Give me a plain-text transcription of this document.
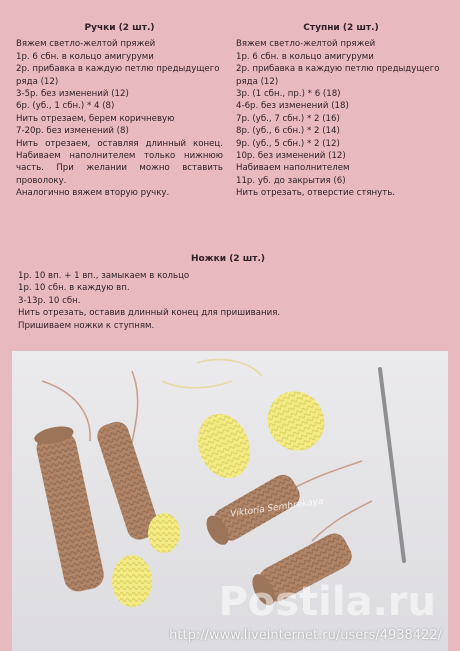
Ручки (2 шт.)
Вяжем светло-желтой пряжей
1р. 6 сбн. в кольцо амигуруми
2р. прибавка в каждую петлю предыдущего ряда (12)
3-5р. без изменений (12)
6р. (уб., 1 сбн.) * 4 (8)
Нить отрезаем, берем коричневую
7-20р. без изменений (8)
Нить отрезаем, оставляя длинный конец. Набиваем наполнителем только нижнюю часть. При желании можно вставить проволоку.
Аналогично вяжем вторую ручку.
Ступни (2 шт.)
Вяжем светло-желтой пряжей
1р. 6 сбн. в кольцо амигуруми
2р. прибавка в каждую петлю предыдущего ряда (12)
3р. (1 сбн., пр.) * 6 (18)
4-6р. без изменений (18)
7р. (уб., 7 сбн.) * 2 (16)
8р. (уб., 6 сбн.) * 2 (14)
9р. (уб., 5 сбн.) * 2 (12)
10р. без изменений (12)
Набиваем наполнителем
11р. уб. до закрытия (6)
Нить отрезать, отверстие стянуть.
Ножки (2 шт.)
1р. 10 вп. + 1 вп., замыкаем в кольцо
1р. 10 сбн. в каждую вп.
3-13р. 10 сбн.
Нить отрезать, оставив длинный конец для пришивания.
Пришиваем ножки к ступням.
Viktoria Sembrekaya
Postila.ru
http://www.liveinternet.ru/users/4938422/
